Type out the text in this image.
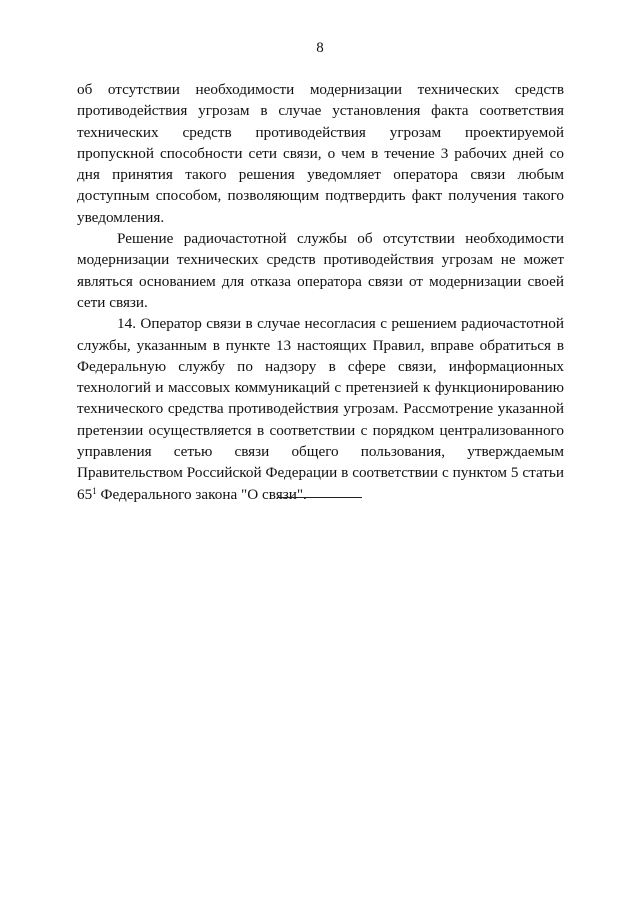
8

об отсутствии необходимости модернизации технических средств противодействия угрозам в случае установления факта соответствия технических средств противодействия угрозам проектируемой пропускной способности сети связи, о чем в течение 3 рабочих дней со дня принятия такого решения уведомляет оператора связи любым доступным способом, позволяющим подтвердить факт получения такого уведомления.

Решение радиочастотной службы об отсутствии необходимости модернизации технических средств противодействия угрозам не может являться основанием для отказа оператора связи от модернизации своей сети связи.

14. Оператор связи в случае несогласия с решением радиочастотной службы, указанным в пункте 13 настоящих Правил, вправе обратиться в Федеральную службу по надзору в сфере связи, информационных технологий и массовых коммуникаций с претензией к функционированию технического средства противодействия угрозам. Рассмотрение указанной претензии осуществляется в соответствии с порядком централизованного управления сетью связи общего пользования, утверждаемым Правительством Российской Федерации в соответствии с пунктом 5 статьи $65^1$ Федерального закона "О связи".
